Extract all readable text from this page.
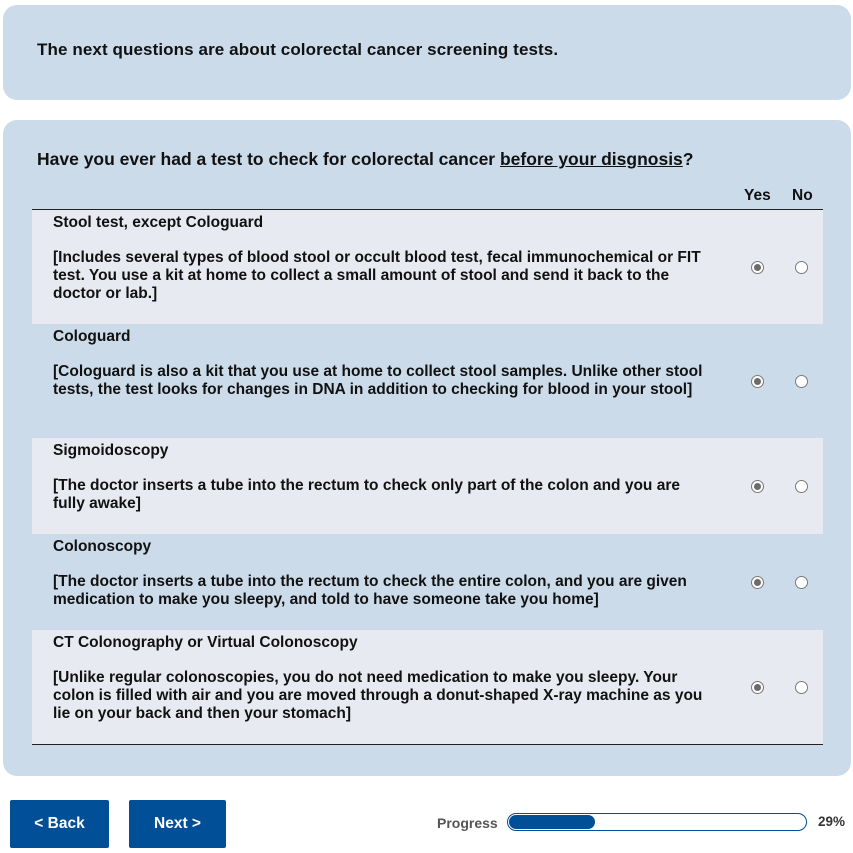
The next questions are about colorectal cancer screening tests.
Have you ever had a test to check for colorectal cancer before your disgnosis?
Yes No
Stool test, except Cologuard
[Includes several types of blood stool or occult blood test, fecal immunochemical or FIT test. You use a kit at home to collect a small amount of stool and send it back to the doctor or lab.]
Cologuard
[Cologuard is also a kit that you use at home to collect stool samples. Unlike other stool tests, the test looks for changes in DNA in addition to checking for blood in your stool]
Sigmoidoscopy
[The doctor inserts a tube into the rectum to check only part of the colon and you are fully awake]
Colonoscopy
[The doctor inserts a tube into the rectum to check the entire colon, and you are given medication to make you sleepy, and told to have someone take you home]
CT Colonography or Virtual Colonoscopy
[Unlike regular colonoscopies, you do not need medication to make you sleepy. Your colon is filled with air and you are moved through a donut-shaped X-ray machine as you lie on your back and then your stomach]
< Back	Next >	Progress	29%
